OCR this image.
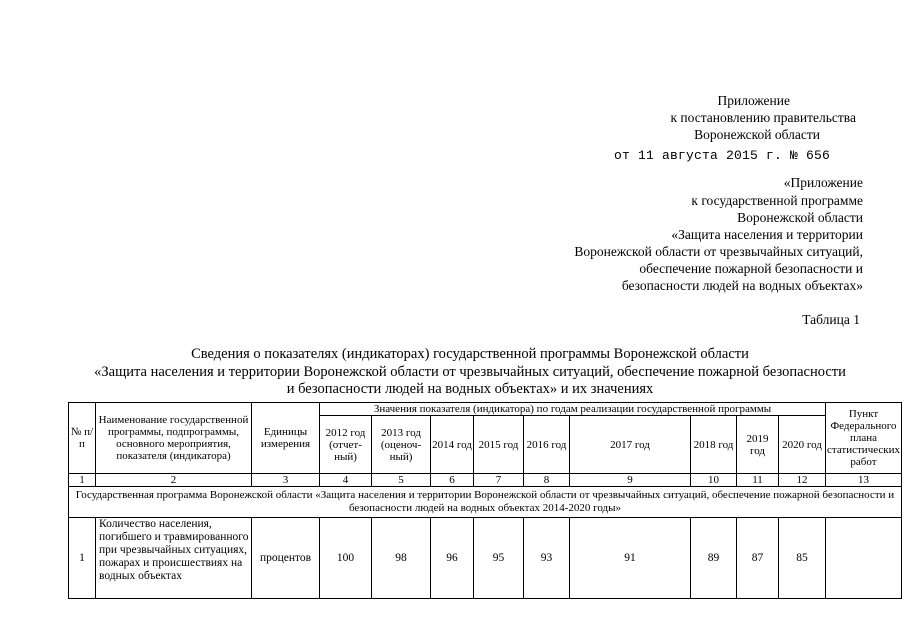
Приложение
к постановлению правительства
Воронежской области
от 11 августа 2015 г. № 656
«Приложение
к государственной программе
Воронежской области
«Защита населения и территории
Воронежской области от чрезвычайных ситуаций,
обеспечение пожарной безопасности и
безопасности людей на водных объектах»
Таблица 1
Сведения о показателях (индикаторах) государственной программы Воронежской области
«Защита населения и территории Воронежской области от чрезвычайных ситуаций, обеспечение пожарной безопасности
и безопасности людей на водных объектах» и их значениях
№ п/п	Наименование государственной программы, подпрограммы, основного мероприятия, показателя (индикатора)	Единицы измерения	Значения показателя (индикатора) по годам реализации государственной программы									Пункт Федерального плана статистических работ
			2012 год (отчет-ный)	2013 год (оценоч-ный)	2014 год	2015 год	2016 год	2017 год	2018 год	2019 год	2020 год	
1	2	3	4	5	6	7	8	9	10	11	12	13
Государственная программа Воронежской области «Защита населения и территории Воронежской области от чрезвычайных ситуаций, обеспечение пожарной безопасности и безопасности людей на водных объектах 2014-2020 годы»												
1	Количество населения, погибшего и травмированного при чрезвычайных ситуациях, пожарах и происшествиях на водных объектах	процентов	100	98	96	95	93	91	89	87	85	
